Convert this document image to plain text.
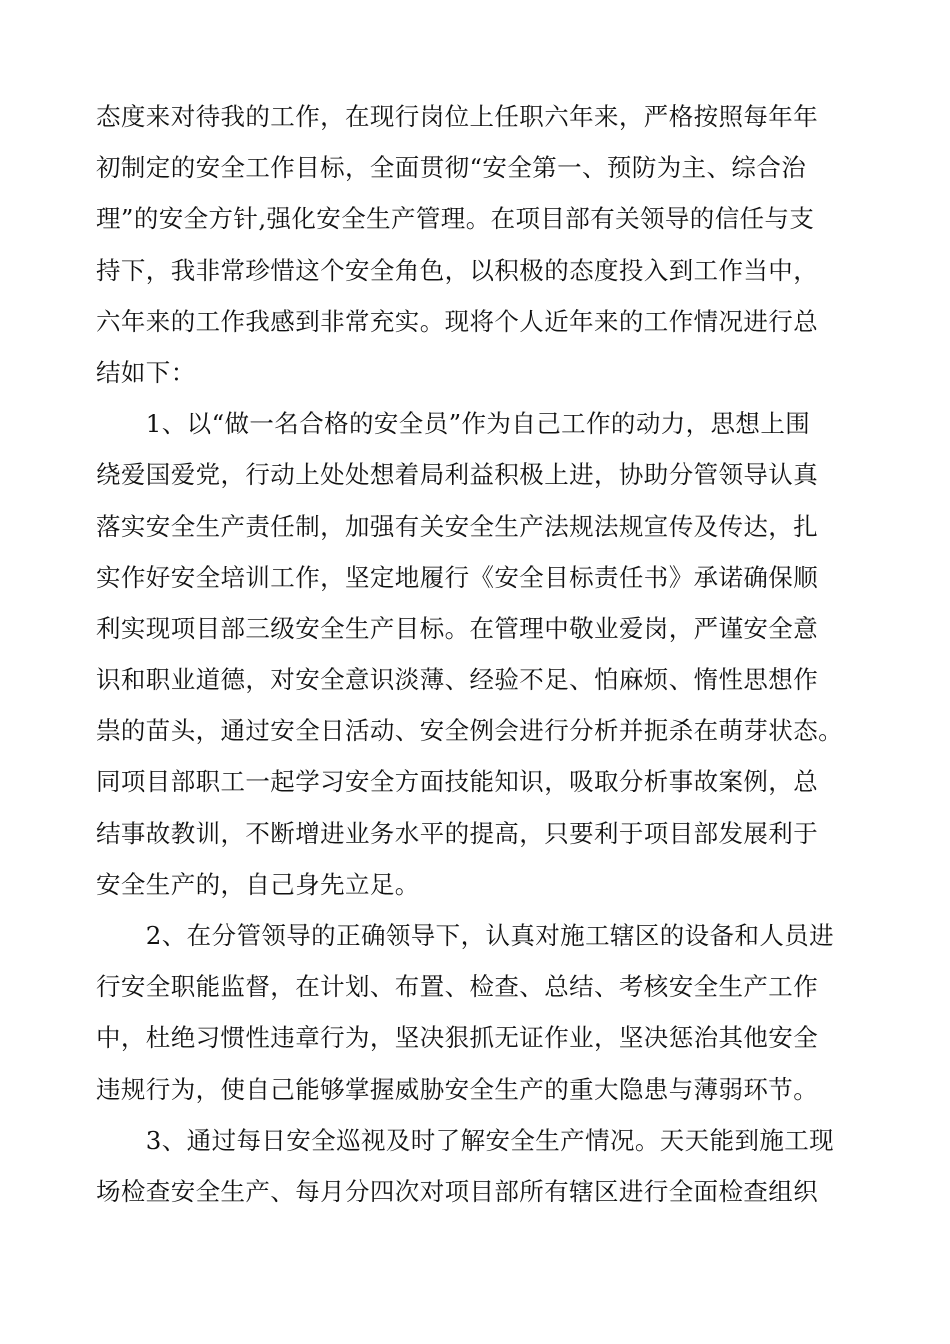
态度来对待我的工作，在现行岗位上任职六年来，严格按照每年年
初制定的安全工作目标，全面贯彻“安全第一、预防为主、综合治
理”的安全方针,强化安全生产管理。在项目部有关领导的信任与支
持下，我非常珍惜这个安全角色，以积极的态度投入到工作当中，
六年来的工作我感到非常充实。现将个人近年来的工作情况进行总
结如下：
　　1、以“做一名合格的安全员”作为自己工作的动力，思想上围
绕爱国爱党，行动上处处想着局利益积极上进，协助分管领导认真
落实安全生产责任制，加强有关安全生产法规法规宣传及传达，扎
实作好安全培训工作，坚定地履行《安全目标责任书》承诺确保顺
利实现项目部三级安全生产目标。在管理中敬业爱岗，严谨安全意
识和职业道德，对安全意识淡薄、经验不足、怕麻烦、惰性思想作
祟的苗头，通过安全日活动、安全例会进行分析并扼杀在萌芽状态。
同项目部职工一起学习安全方面技能知识，吸取分析事故案例，总
结事故教训，不断增进业务水平的提高，只要利于项目部发展利于
安全生产的，自己身先立足。
　　2、在分管领导的正确领导下，认真对施工辖区的设备和人员进
行安全职能监督，在计划、布置、检查、总结、考核安全生产工作
中，杜绝习惯性违章行为，坚决狠抓无证作业，坚决惩治其他安全
违规行为，使自己能够掌握威胁安全生产的重大隐患与薄弱环节。
　　3、通过每日安全巡视及时了解安全生产情况。天天能到施工现
场检查安全生产、每月分四次对项目部所有辖区进行全面检查组织
